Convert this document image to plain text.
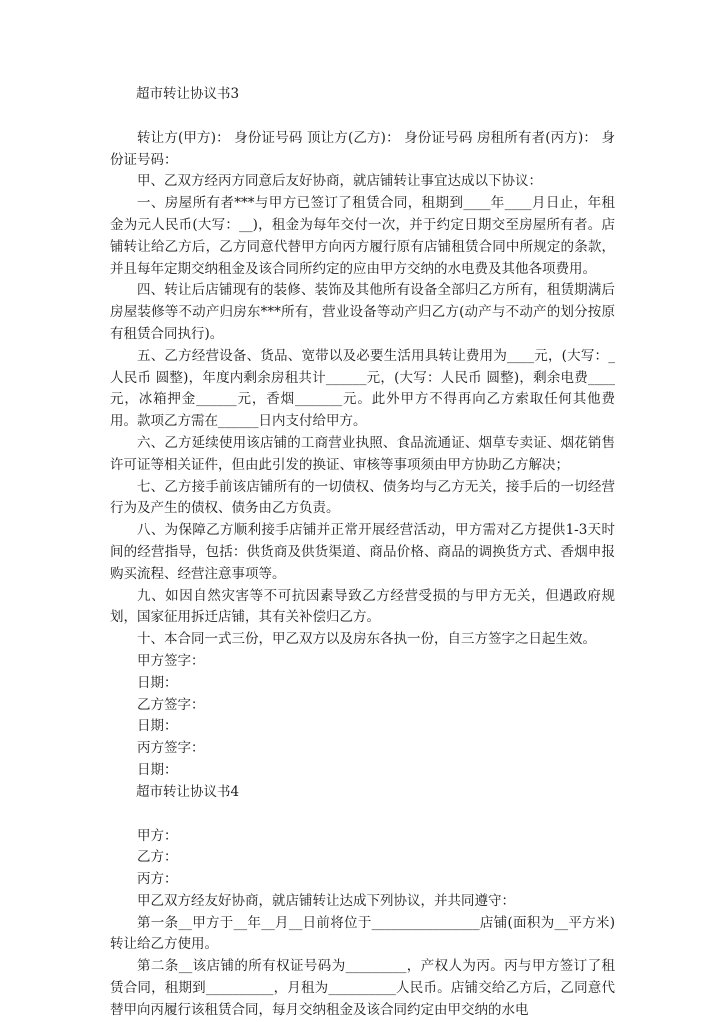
超市转让协议书3

转让方(甲方)： 身份证号码 顶让方(乙方)： 身份证号码 房租所有者(丙方)： 身份证号码：

甲、乙双方经丙方同意后友好协商，就店铺转让事宜达成以下协议：

一、房屋所有者***与甲方已签订了租赁合同，租期到____年____月日止，年租金为元人民币(大写：__)，租金为每年交付一次，并于约定日期交至房屋所有者。店铺转让给乙方后，乙方同意代替甲方向丙方履行原有店铺租赁合同中所规定的条款，并且每年定期交纳租金及该合同所约定的应由甲方交纳的水电费及其他各项费用。

四、转让后店铺现有的装修、装饰及其他所有设备全部归乙方所有，租赁期满后房屋装修等不动产归房东***所有，营业设备等动产归乙方(动产与不动产的划分按原有租赁合同执行)。

五、乙方经营设备、货品、宽带以及必要生活用具转让费用为____元，(大写：_人民币 圆整)，年度内剩余房租共计______元，(大写：人民币 圆整)，剩余电费____元，冰箱押金______元，香烟_______元。此外甲方不得再向乙方索取任何其他费用。款项乙方需在______日内支付给甲方。

六、乙方延续使用该店铺的工商营业执照、食品流通证、烟草专卖证、烟花销售许可证等相关证件，但由此引发的换证、审核等事项须由甲方协助乙方解决；

七、乙方接手前该店铺所有的一切债权、债务均与乙方无关，接手后的一切经营行为及产生的债权、债务由乙方负责。

八、为保障乙方顺利接手店铺并正常开展经营活动，甲方需对乙方提供1-3天时间的经营指导，包括：供货商及供货渠道、商品价格、商品的调换货方式、香烟申报购买流程、经营注意事项等。

九、如因自然灾害等不可抗因素导致乙方经营受损的与甲方无关，但遇政府规划，国家征用拆迁店铺，其有关补偿归乙方。

十、本合同一式三份，甲乙双方以及房东各执一份，自三方签字之日起生效。

甲方签字：

日期：

乙方签字：

日期：

丙方签字：

日期：

超市转让协议书4

甲方：

乙方：

丙方：

甲乙双方经友好协商，就店铺转让达成下列协议，并共同遵守：

第一条__甲方于__年__月__日前将位于________________店铺(面积为__平方米)转让给乙方使用。

第二条__该店铺的所有权证号码为_________，产权人为丙。丙与甲方签订了租赁合同，租期到__________，月租为__________人民币。店铺交给乙方后，乙同意代替甲向丙履行该租赁合同，每月交纳租金及该合同约定由甲交纳的水电
